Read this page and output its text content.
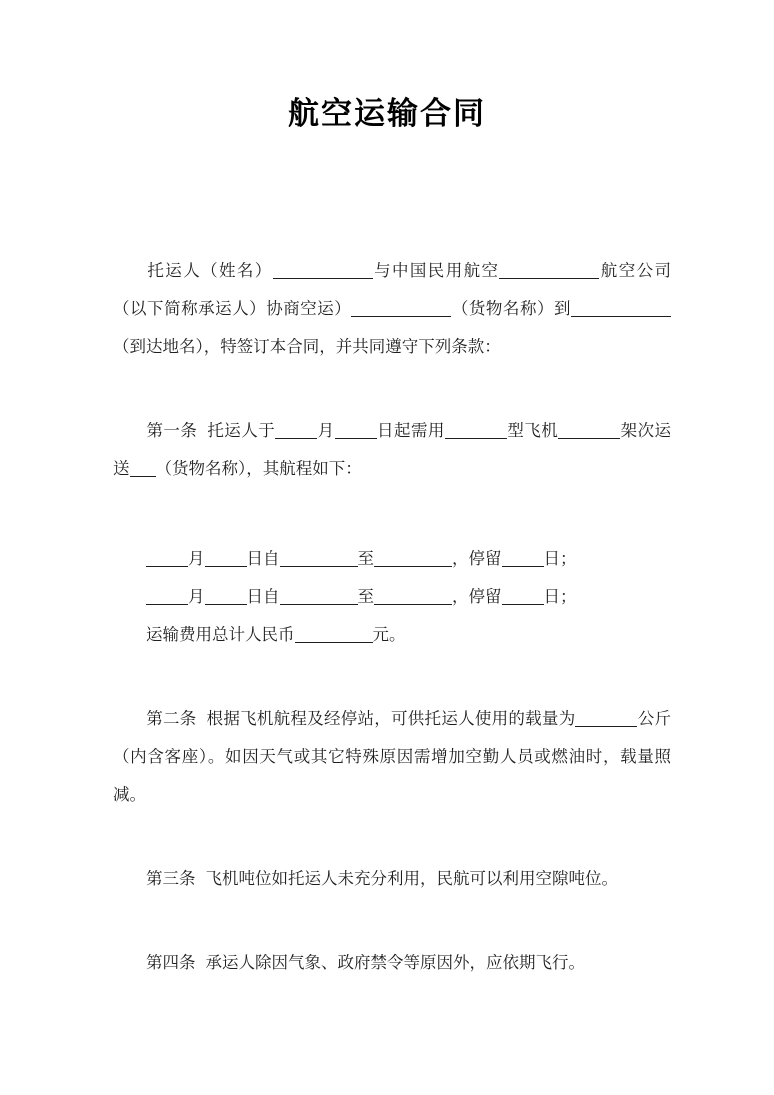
航空运输合同
托运人（姓名）	与中国民用航空	航空公司（以下简称承运人）协商空运）	（货物名称）到（到达地名），特签订本合同，并共同遵守下列条款：
第一条 托运人于	月	日起需用	型飞机	架次运送 （货物名称），其航程如下：
月	日自	至	，停留	日；
月	日自	至	，停留	日；
运输费用总计人民币	元。
第二条 根据飞机航程及经停站，可供托运人使用的载量为	公斤（内含客座）。如因天气或其它特殊原因需增加空勤人员或燃油时，载量照减。
第三条 飞机吨位如托运人未充分利用，民航可以利用空隙吨位。
第四条 承运人除因气象、政府禁令等原因外，应依期飞行。
